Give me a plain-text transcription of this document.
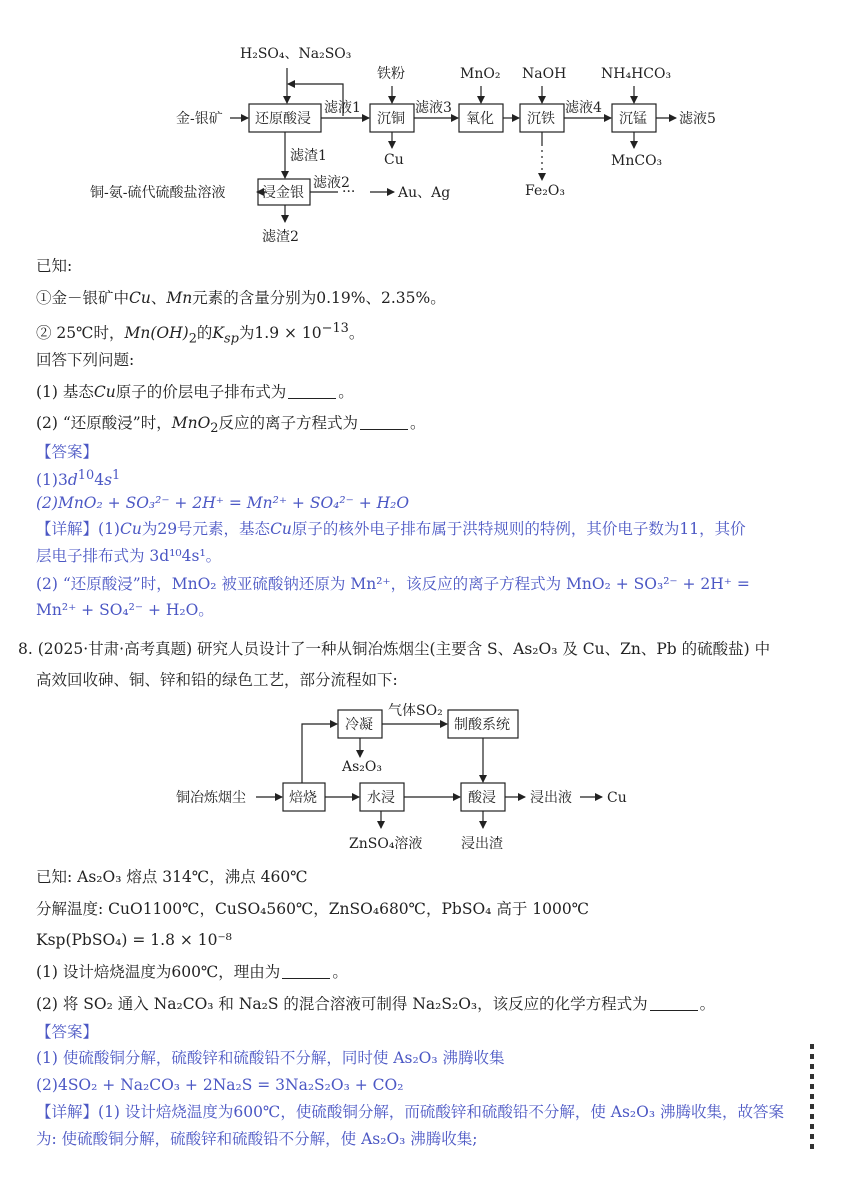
H₂SO₄、Na₂SO₃
铁粉	MnO₂ NaOH NH₄HCO₃
金-银矿 还原酸浸	沉铜	氧化 沉铁	沉锰
滤液1	滤液3	滤液4
滤液5
Cu	MnCO₃
Fe₂O₃
滤渣1
铜-氨-硫代硫酸盐溶液	浸金银
滤液2
···	Au、Ag
滤渣2
已知:
①金－银矿中Cu、Mn元素的含量分别为0.19%、2.35%。
② 25℃时，$Mn(OH)_2$的$K_{sp}$为$1.9 \times 10^{-13}$。
回答下列问题:
(1) 基态Cu原子的价层电子排布式为	。
(2) “还原酸浸”时，MnO$_2$反应的离子方程式为	。
【答案】
$(1)3d^{10}4s^1$
(2)MnO₂ + SO₃²⁻ + 2H⁺ = Mn²⁺ + SO₄²⁻ + H₂O
【详解】(1)Cu为29号元素，基态Cu原子的核外电子排布属于洪特规则的特例，其价电子数为11，其价
层电子排布式为 3d¹⁰4s¹。
(2) “还原酸浸”时，MnO₂ 被亚硫酸钠还原为 Mn²⁺，该反应的离子方程式为 MnO₂ + SO₃²⁻ + 2H⁺ =
Mn²⁺ + SO₄²⁻ + H₂O。
8. (2025·甘肃·高考真题) 研究人员设计了一种从铜冶炼烟尘(主要含 S、As₂O₃ 及 Cu、Zn、Pb 的硫酸盐) 中
高效回收砷、铜、锌和铅的绿色工艺，部分流程如下:
气体SO₂
冷凝	制酸系统
As₂O₃
铜冶炼烟尘	焙烧	水浸	酸浸 浸出液	Cu
ZnSO₄溶液	浸出渣
已知: As₂O₃ 熔点 314℃，沸点 460℃
分解温度: CuO1100℃，CuSO₄560℃，ZnSO₄680℃，PbSO₄ 高于 1000℃
Ksp(PbSO₄) = 1.8 × 10⁻⁸
(1) 设计焙烧温度为600℃，理由为	。
(2) 将 SO₂ 通入 Na₂CO₃ 和 Na₂S 的混合溶液可制得 Na₂S₂O₃，该反应的化学方程式为	。
【答案】
(1) 使硫酸铜分解，硫酸锌和硫酸铅不分解，同时使 As₂O₃ 沸腾收集
(2)4SO₂ + Na₂CO₃ + 2Na₂S = 3Na₂S₂O₃ + CO₂
【详解】(1) 设计焙烧温度为600℃，使硫酸铜分解，而硫酸锌和硫酸铅不分解，使 As₂O₃ 沸腾收集，故答案
为: 使硫酸铜分解，硫酸锌和硫酸铅不分解，使 As₂O₃ 沸腾收集;
